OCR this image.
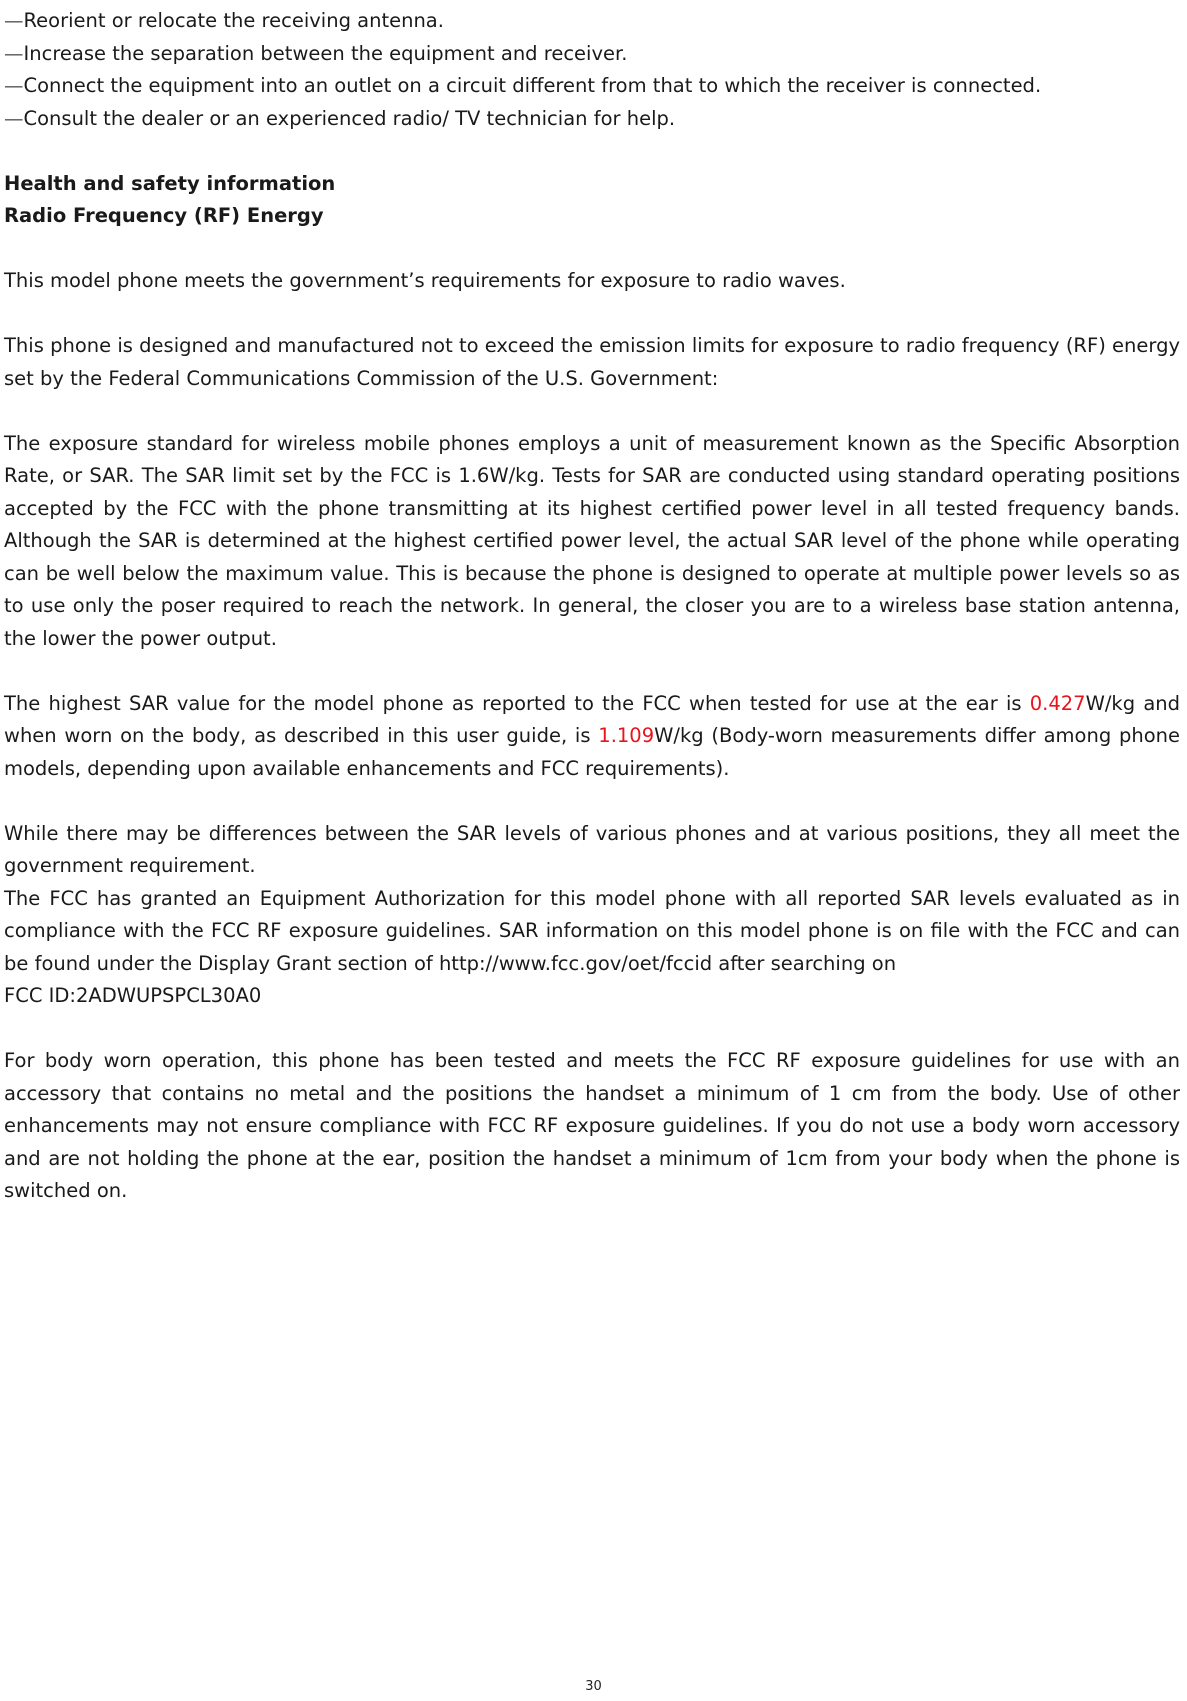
—Reorient or relocate the receiving antenna.
—Increase the separation between the equipment and receiver.
—Connect the equipment into an outlet on a circuit different from that to which the receiver is connected.
—Consult the dealer or an experienced radio/ TV technician for help.
Health and safety information
Radio Frequency (RF) Energy

This model phone meets the government’s requirements for exposure to radio waves.

This phone is designed and manufactured not to exceed the emission limits for exposure to radio frequency (RF) energy set by the Federal Communications Commission of the U.S. Government:

The exposure standard for wireless mobile phones employs a unit of measurement known as the Specific Absorption Rate, or SAR. The SAR limit set by the FCC is 1.6W/kg. Tests for SAR are conducted using standard operating positions accepted by the FCC with the phone transmitting at its highest certified power level in all tested frequency bands. Although the SAR is determined at the highest certified power level, the actual SAR level of the phone while operating can be well below the maximum value. This is because the phone is designed to operate at multiple power levels so as to use only the poser required to reach the network. In general, the closer you are to a wireless base station antenna, the lower the power output.

The highest SAR value for the model phone as reported to the FCC when tested for use at the ear is 0.427W/kg and when worn on the body, as described in this user guide, is 1.109W/kg (Body-worn measurements differ among phone models, depending upon available enhancements and FCC requirements).

While there may be differences between the SAR levels of various phones and at various positions, they all meet the government requirement.

The FCC has granted an Equipment Authorization for this model phone with all reported SAR levels evaluated as in compliance with the FCC RF exposure guidelines. SAR information on this model phone is on file with the FCC and can be found under the Display Grant section of http://www.fcc.gov/oet/fccid after searching on

FCC ID:2ADWUPSPCL30A0

For body worn operation, this phone has been tested and meets the FCC RF exposure guidelines for use with an accessory that contains no metal and the positions the handset a minimum of 1 cm from the body. Use of other enhancements may not ensure compliance with FCC RF exposure guidelines. If you do not use a body worn accessory and are not holding the phone at the ear, position the handset a minimum of 1cm from your body when the phone is switched on.

30
